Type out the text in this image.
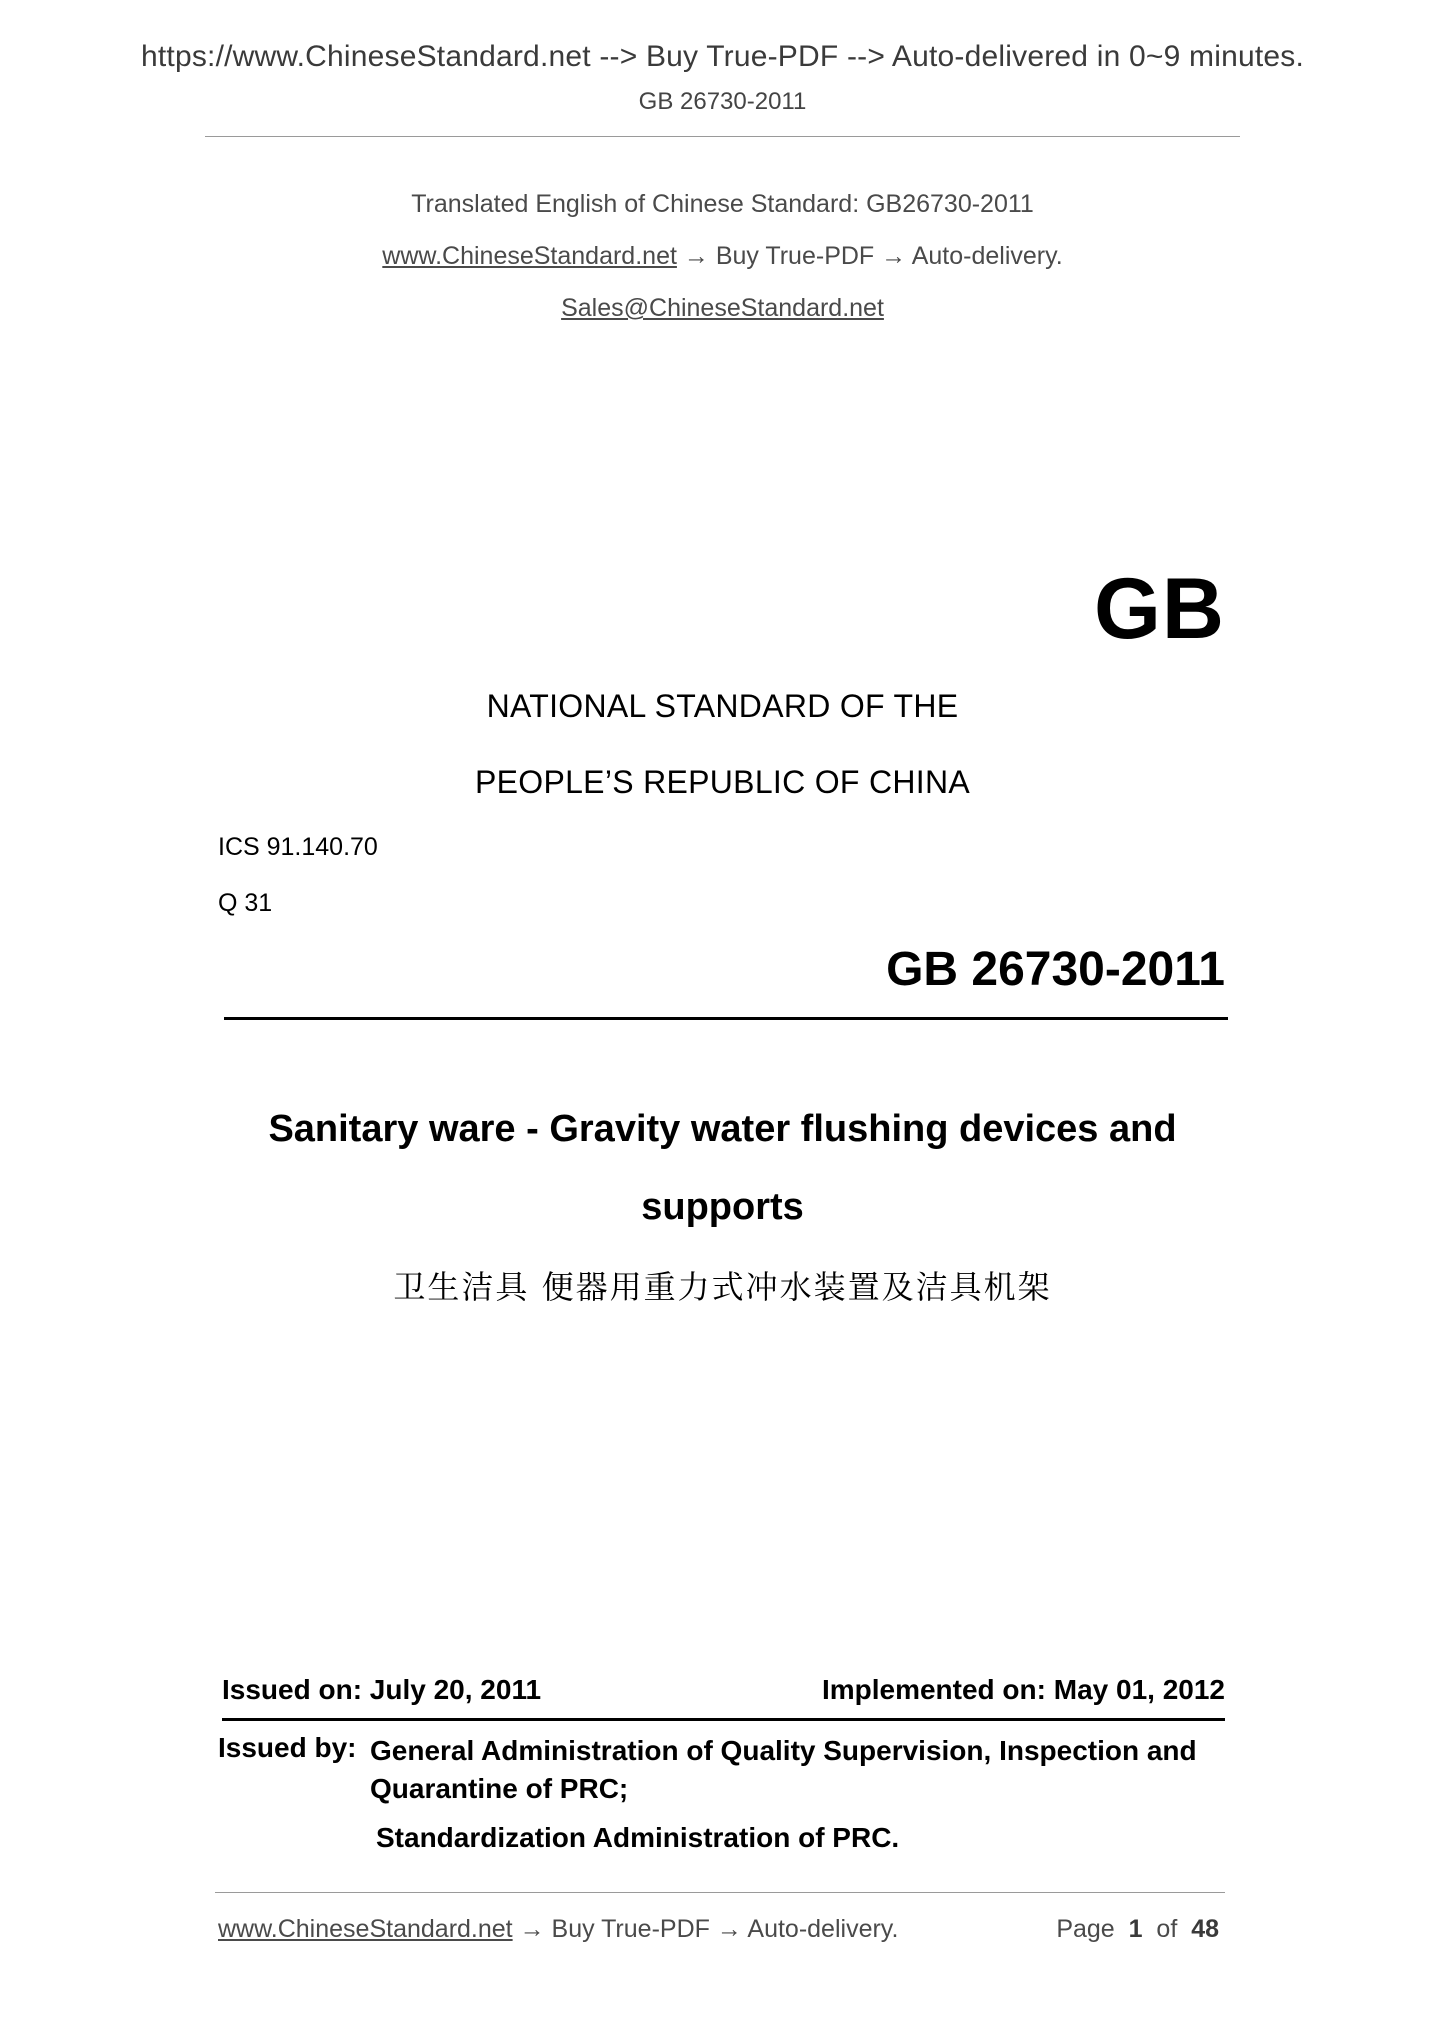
https://www.ChineseStandard.net --> Buy True-PDF --> Auto-delivered in 0~9 minutes.
GB 26730-2011
Translated English of Chinese Standard: GB26730-2011
www.ChineseStandard.net → Buy True-PDF → Auto-delivery.
Sales@ChineseStandard.net
GB
NATIONAL STANDARD OF THE
PEOPLE’S REPUBLIC OF CHINA
ICS 91.140.70
Q 31
GB 26730-2011
Sanitary ware - Gravity water flushing devices and
supports
卫生洁具 便器用重力式冲水装置及洁具机架
Issued on: July 20, 2011	Implemented on: May 01, 2012
Issued by: General Administration of Quality Supervision, Inspection and Quarantine of PRC;
Standardization Administration of PRC.
www.ChineseStandard.net → Buy True-PDF → Auto-delivery.	Page 1 of 48
